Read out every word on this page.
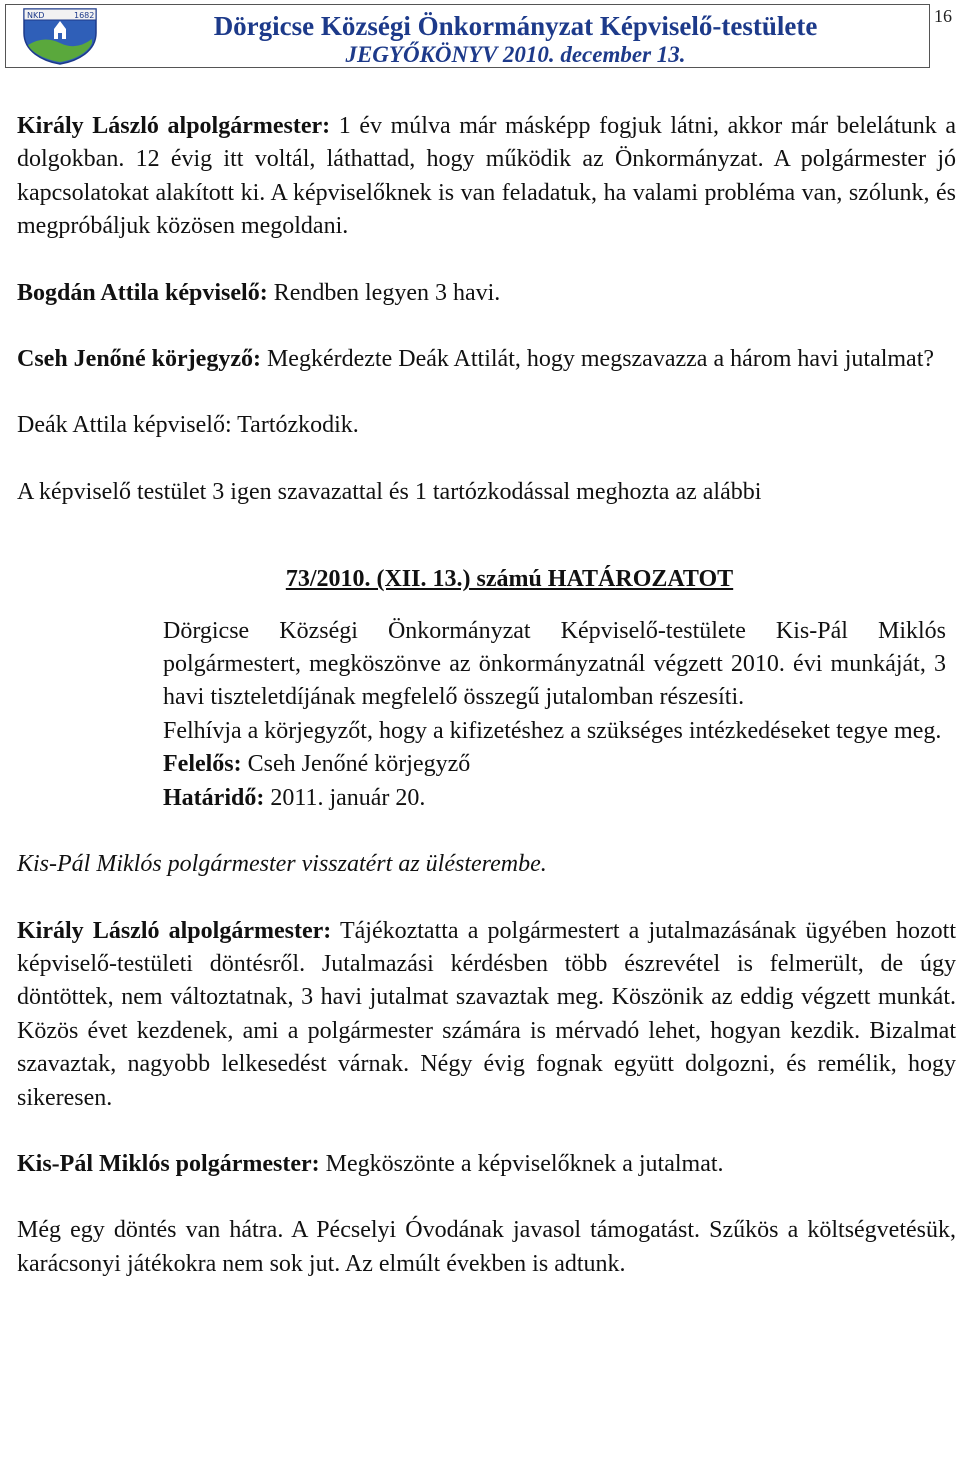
NKD	1682	Dörgicse Községi Önkormányzat Képviselő-testülete
JEGYŐKÖNYV 2010. december 13.
16

Király László alpolgármester: 1 év múlva már másképp fogjuk látni, akkor már belelátunk a dolgokban. 12 évig itt voltál, láthattad, hogy működik az Önkormányzat. A polgármester jó kapcsolatokat alakított ki. A képviselőknek is van feladatuk, ha valami probléma van, szólunk, és megpróbáljuk közösen megoldani.

Bogdán Attila képviselő: Rendben legyen 3 havi.

Cseh Jenőné körjegyző: Megkérdezte Deák Attilát, hogy megszavazza a három havi jutalmat?

Deák Attila képviselő: Tartózkodik.

A képviselő testület 3 igen szavazattal és 1 tartózkodással meghozta az alábbi

73/2010. (XII. 13.) számú HATÁROZATOT

Dörgicse Községi Önkormányzat Képviselő-testülete Kis-Pál Miklós polgármestert, megköszönve az önkormányzatnál végzett 2010. évi munkáját, 3 havi tiszteletdíjának megfelelő összegű jutalomban részesíti.

Felhívja a körjegyzőt, hogy a kifizetéshez a szükséges intézkedéseket tegye meg.

Felelős: Cseh Jenőné körjegyző

Határidő: 2011. január 20.

Kis-Pál Miklós polgármester visszatért az ülésterembe.

Király László alpolgármester: Tájékoztatta a polgármestert a jutalmazásának ügyében hozott képviselő-testületi döntésről. Jutalmazási kérdésben több észrevétel is felmerült, de úgy döntöttek, nem változtatnak, 3 havi jutalmat szavaztak meg. Köszönik az eddig végzett munkát. Közös évet kezdenek, ami a polgármester számára is mérvadó lehet, hogyan kezdik. Bizalmat szavaztak, nagyobb lelkesedést várnak. Négy évig fognak együtt dolgozni, és remélik, hogy sikeresen.

Kis-Pál Miklós polgármester: Megköszönte a képviselőknek a jutalmat.

Még egy döntés van hátra. A Pécselyi Óvodának javasol támogatást. Szűkös a költségvetésük, karácsonyi játékokra nem sok jut. Az elmúlt években is adtunk.
